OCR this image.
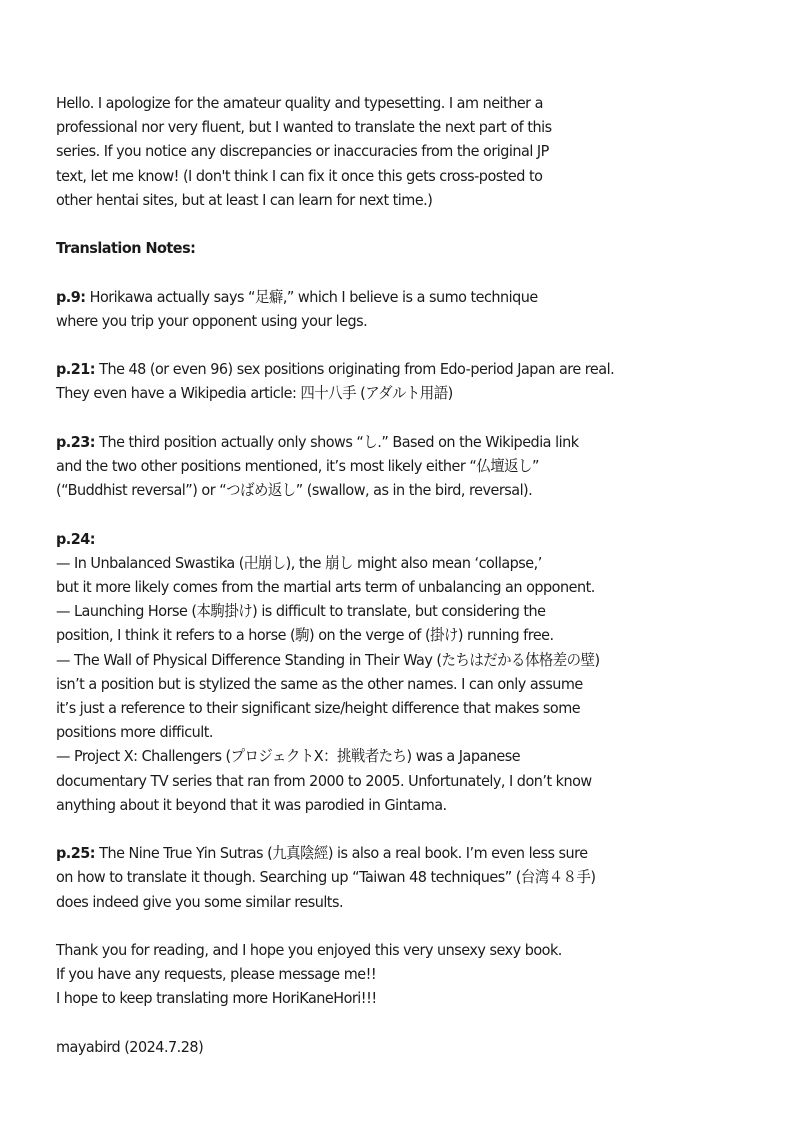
Hello. I apologize for the amateur quality and typesetting. I am neither a
professional nor very fluent, but I wanted to translate the next part of this
series. If you notice any discrepancies or inaccuracies from the original JP
text, let me know! (I don't think I can fix it once this gets cross-posted to
other hentai sites, but at least I can learn for next time.)
Translation Notes:
p.9: Horikawa actually says “足癖,” which I believe is a sumo technique
where you trip your opponent using your legs.
p.21: The 48 (or even 96) sex positions originating from Edo-period Japan are real.
They even have a Wikipedia article: 四十八手 (アダルト用語)
p.23: The third position actually only shows “し.” Based on the Wikipedia link
and the two other positions mentioned, it’s most likely either “仏壇返し”
(“Buddhist reversal”) or “つばめ返し” (swallow, as in the bird, reversal).
p.24:
— In Unbalanced Swastika (卍崩し), the 崩し might also mean ‘collapse,’
but it more likely comes from the martial arts term of unbalancing an opponent.
— Launching Horse (本駒掛け) is difficult to translate, but considering the
position, I think it refers to a horse (駒) on the verge of (掛け) running free.
— The Wall of Physical Difference Standing in Their Way (たちはだかる体格差の壁)
isn’t a position but is stylized the same as the other names. I can only assume
it’s just a reference to their significant size/height difference that makes some
positions more difficult.
— Project X: Challengers (プロジェクトX：挑戦者たち) was a Japanese
documentary TV series that ran from 2000 to 2005. Unfortunately, I don’t know
anything about it beyond that it was parodied in Gintama.
p.25: The Nine True Yin Sutras (九真陰經) is also a real book. I’m even less sure
on how to translate it though. Searching up “Taiwan 48 techniques” (台湾４８手)
does indeed give you some similar results.
Thank you for reading, and I hope you enjoyed this very unsexy sexy book.
If you have any requests, please message me!!
I hope to keep translating more HoriKaneHori!!!
mayabird (2024.7.28)
